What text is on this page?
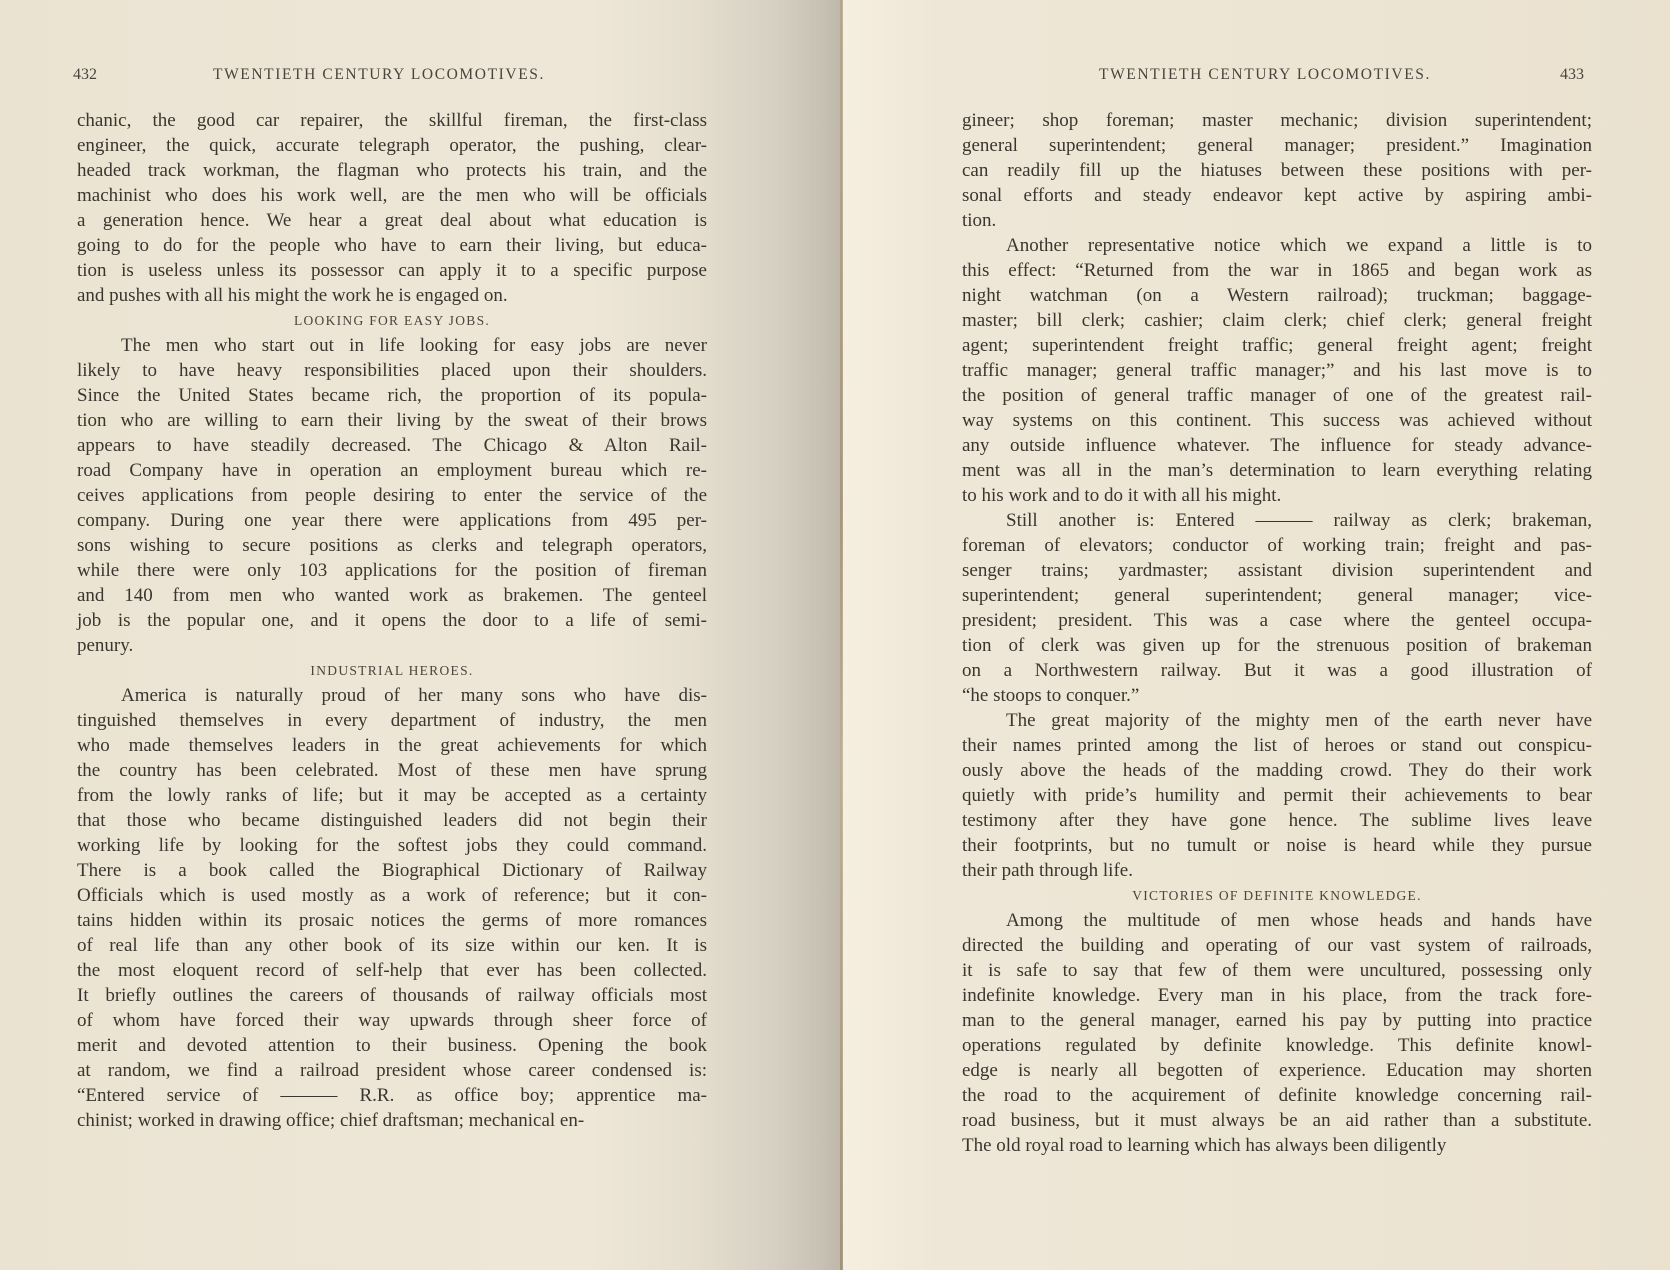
432	TWENTIETH CENTURY LOCOMOTIVES.
chanic, the good car repairer, the skillful fireman, the first-class
engineer, the quick, accurate telegraph operator, the pushing, clear-
headed track workman, the flagman who protects his train, and the
machinist who does his work well, are the men who will be officials
a generation hence. We hear a great deal about what education is
going to do for the people who have to earn their living, but educa-
tion is useless unless its possessor can apply it to a specific purpose
and pushes with all his might the work he is engaged on.
LOOKING FOR EASY JOBS.
The men who start out in life looking for easy jobs are never
likely to have heavy responsibilities placed upon their shoulders.
Since the United States became rich, the proportion of its popula-
tion who are willing to earn their living by the sweat of their brows
appears to have steadily decreased. The Chicago & Alton Rail-
road Company have in operation an employment bureau which re-
ceives applications from people desiring to enter the service of the
company. During one year there were applications from 495 per-
sons wishing to secure positions as clerks and telegraph operators,
while there were only 103 applications for the position of fireman
and 140 from men who wanted work as brakemen. The genteel
job is the popular one, and it opens the door to a life of semi-
penury.
INDUSTRIAL HEROES.
America is naturally proud of her many sons who have dis-
tinguished themselves in every department of industry, the men
who made themselves leaders in the great achievements for which
the country has been celebrated. Most of these men have sprung
from the lowly ranks of life; but it may be accepted as a certainty
that those who became distinguished leaders did not begin their
working life by looking for the softest jobs they could command.
There is a book called the Biographical Dictionary of Railway
Officials which is used mostly as a work of reference; but it con-
tains hidden within its prosaic notices the germs of more romances
of real life than any other book of its size within our ken. It is
the most eloquent record of self-help that ever has been collected.
It briefly outlines the careers of thousands of railway officials most
of whom have forced their way upwards through sheer force of
merit and devoted attention to their business. Opening the book
at random, we find a railroad president whose career condensed is:
“Entered service of ——— R.R. as office boy; apprentice ma-
chinist; worked in drawing office; chief draftsman; mechanical en-
TWENTIETH CENTURY LOCOMOTIVES.	433
gineer; shop foreman; master mechanic; division superintendent;
general superintendent; general manager; president.” Imagination
can readily fill up the hiatuses between these positions with per-
sonal efforts and steady endeavor kept active by aspiring ambi-
tion.
Another representative notice which we expand a little is to
this effect: “Returned from the war in 1865 and began work as
night watchman (on a Western railroad); truckman; baggage-
master; bill clerk; cashier; claim clerk; chief clerk; general freight
agent; superintendent freight traffic; general freight agent; freight
traffic manager; general traffic manager;” and his last move is to
the position of general traffic manager of one of the greatest rail-
way systems on this continent. This success was achieved without
any outside influence whatever. The influence for steady advance-
ment was all in the man’s determination to learn everything relating
to his work and to do it with all his might.
Still another is: Entered ——— railway as clerk; brakeman,
foreman of elevators; conductor of working train; freight and pas-
senger trains; yardmaster; assistant division superintendent and
superintendent; general superintendent; general manager; vice-
president; president. This was a case where the genteel occupa-
tion of clerk was given up for the strenuous position of brakeman
on a Northwestern railway. But it was a good illustration of
“he stoops to conquer.”
The great majority of the mighty men of the earth never have
their names printed among the list of heroes or stand out conspicu-
ously above the heads of the madding crowd. They do their work
quietly with pride’s humility and permit their achievements to bear
testimony after they have gone hence. The sublime lives leave
their footprints, but no tumult or noise is heard while they pursue
their path through life.
VICTORIES OF DEFINITE KNOWLEDGE.
Among the multitude of men whose heads and hands have
directed the building and operating of our vast system of railroads,
it is safe to say that few of them were uncultured, possessing only
indefinite knowledge. Every man in his place, from the track fore-
man to the general manager, earned his pay by putting into practice
operations regulated by definite knowledge. This definite knowl-
edge is nearly all begotten of experience. Education may shorten
the road to the acquirement of definite knowledge concerning rail-
road business, but it must always be an aid rather than a substitute.
The old royal road to learning which has always been diligently
